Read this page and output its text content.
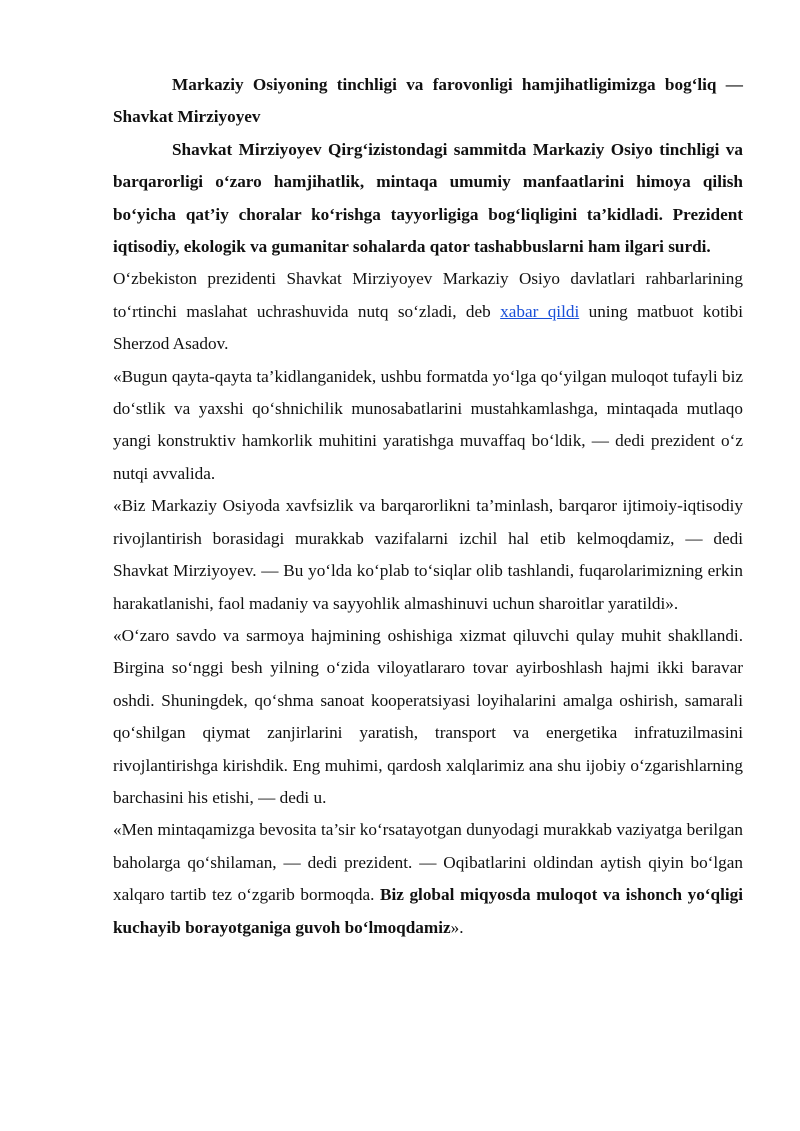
Markaziy Osiyoning tinchligi va farovonligi hamjihatligimizga bog‘liq — Shavkat Mirziyoyev

Shavkat Mirziyoyev Qirg‘izistondagi sammitda Markaziy Osiyo tinchligi va barqarorligi o‘zaro hamjihatlik, mintaqa umumiy manfaatlarini himoya qilish bo‘yicha qat’iy choralar ko‘rishga tayyorligiga bog‘liqligini ta’kidladi. Prezident iqtisodiy, ekologik va gumanitar sohalarda qator tashabbuslarni ham ilgari surdi.

O‘zbekiston prezidenti Shavkat Mirziyoyev Markaziy Osiyo davlatlari rahbarlarining to‘rtinchi maslahat uchrashuvida nutq so‘zladi, deb xabar qildi uning matbuot kotibi Sherzod Asadov.

«Bugun qayta-qayta ta’kidlanganidek, ushbu formatda yo‘lga qo‘yilgan muloqot tufayli biz do‘stlik va yaxshi qo‘shnichilik munosabatlarini mustahkamlashga, mintaqada mutlaqo yangi konstruktiv hamkorlik muhitini yaratishga muvaffaq bo‘ldik, — dedi prezident o‘z nutqi avvalida.

«Biz Markaziy Osiyoda xavfsizlik va barqarorlikni ta’minlash, barqaror ijtimoiy-iqtisodiy rivojlantirish borasidagi murakkab vazifalarni izchil hal etib kelmoqdamiz, — dedi Shavkat Mirziyoyev. — Bu yo‘lda ko‘plab to‘siqlar olib tashlandi, fuqarolarimizning erkin harakatlanishi, faol madaniy va sayyohlik almashinuvi uchun sharoitlar yaratildi».

«O‘zaro savdo va sarmoya hajmining oshishiga xizmat qiluvchi qulay muhit shakllandi. Birgina so‘nggi besh yilning o‘zida viloyatlararo tovar ayirboshlash hajmi ikki baravar oshdi. Shuningdek, qo‘shma sanoat kooperatsiyasi loyihalarini amalga oshirish, samarali qo‘shilgan qiymat zanjirlarini yaratish, transport va energetika infratuzilmasini rivojlantirishga kirishdik. Eng muhimi, qardosh xalqlarimiz ana shu ijobiy o‘zgarishlarning barchasini his etishi, — dedi u.

«Men mintaqamizga bevosita ta’sir ko‘rsatayotgan dunyodagi murakkab vaziyatga berilgan baholarga qo‘shilaman, — dedi prezident. — Oqibatlarini oldindan aytish qiyin bo‘lgan xalqaro tartib tez o‘zgarib bormoqda. Biz global miqyosda muloqot va ishonch yo‘qligi kuchayib borayotganiga guvoh bo‘lmoqdamiz».
